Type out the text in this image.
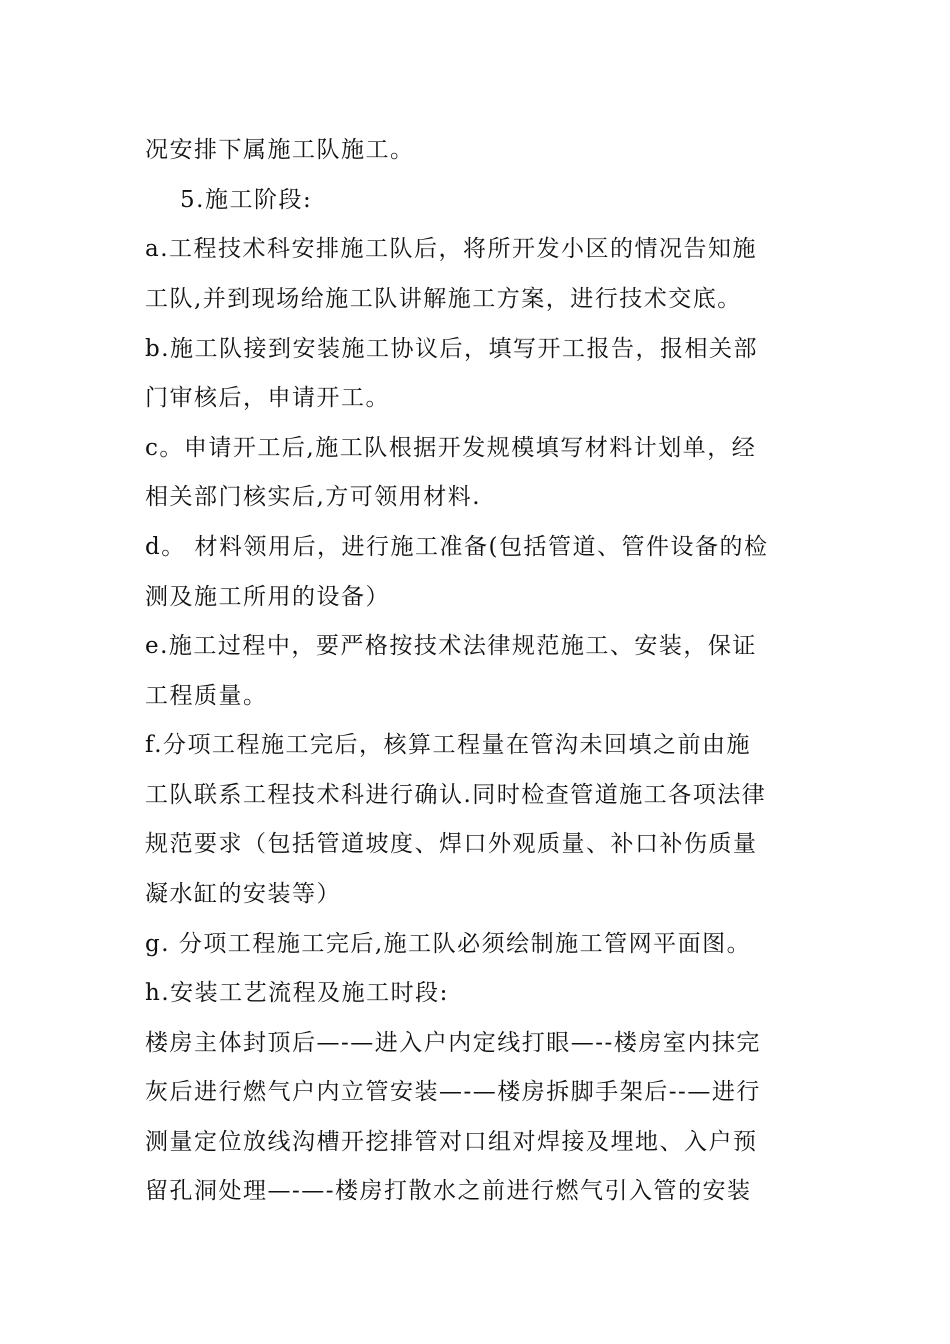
况安排下属施工队施工。
5.施工阶段:
a.工程技术科安排施工队后，将所开发小区的情况告知施
工队,并到现场给施工队讲解施工方案，进行技术交底。
b.施工队接到安装施工协议后，填写开工报告，报相关部
门审核后，申请开工。
c。申请开工后,施工队根据开发规模填写材料计划单，经
相关部门核实后,方可领用材料.
d。 材料领用后，进行施工准备(包括管道、管件设备的检
测及施工所用的设备）
e.施工过程中，要严格按技术法律规范施工、安装，保证
工程质量。
f.分项工程施工完后，核算工程量在管沟未回填之前由施
工队联系工程技术科进行确认.同时检查管道施工各项法律
规范要求（包括管道坡度、焊口外观质量、补口补伤质量
凝水缸的安装等）
g. 分项工程施工完后,施工队必须绘制施工管网平面图。
h.安装工艺流程及施工时段:
楼房主体封顶后—-—进入户内定线打眼—--楼房室内抹完
灰后进行燃气户内立管安装—-—楼房拆脚手架后--—进行
测量定位放线沟槽开挖排管对口组对焊接及埋地、入户预
留孔洞处理—-—-楼房打散水之前进行燃气引入管的安装
